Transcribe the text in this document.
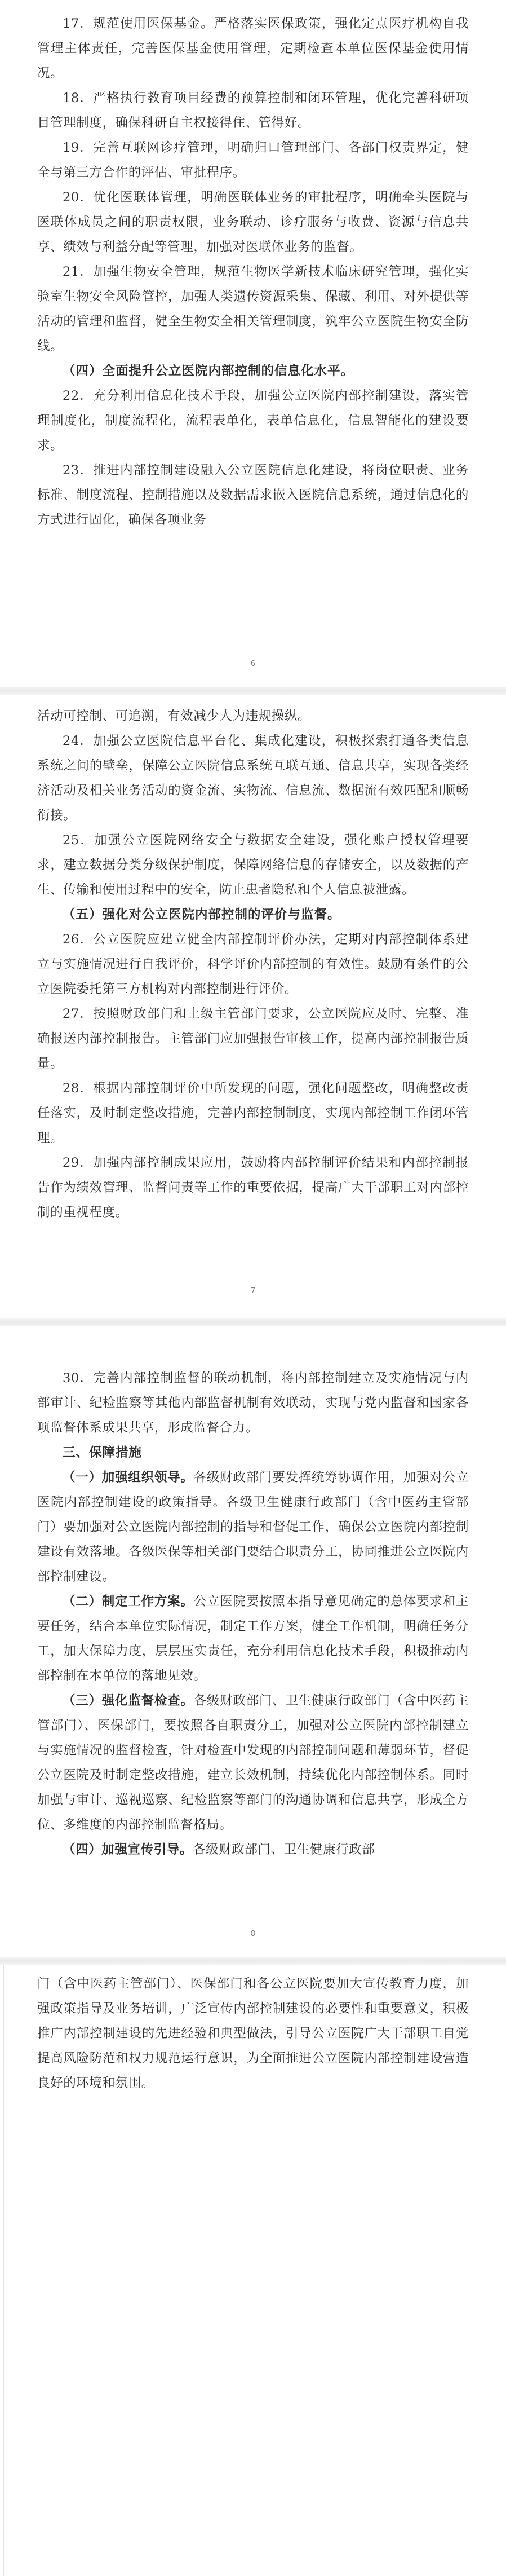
17．规范使用医保基金。严格落实医保政策，强化定点医疗机构自我管理主体责任，完善医保基金使用管理，定期检查本单位医保基金使用情况。

18．严格执行教育项目经费的预算控制和闭环管理，优化完善科研项目管理制度，确保科研自主权接得住、管得好。

19．完善互联网诊疗管理，明确归口管理部门、各部门权责界定，健全与第三方合作的评估、审批程序。

20．优化医联体管理，明确医联体业务的审批程序，明确牵头医院与医联体成员之间的职责权限，业务联动、诊疗服务与收费、资源与信息共享、绩效与利益分配等管理，加强对医联体业务的监督。

21．加强生物安全管理，规范生物医学新技术临床研究管理，强化实验室生物安全风险管控，加强人类遗传资源采集、保藏、利用、对外提供等活动的管理和监督，健全生物安全相关管理制度，筑牢公立医院生物安全防线。

（四）全面提升公立医院内部控制的信息化水平。

22．充分利用信息化技术手段，加强公立医院内部控制建设，落实管理制度化，制度流程化，流程表单化，表单信息化，信息智能化的建设要求。

23．推进内部控制建设融入公立医院信息化建设，将岗位职责、业务标准、制度流程、控制措施以及数据需求嵌入医院信息系统，通过信息化的方式进行固化，确保各项业务

6

活动可控制、可追溯，有效减少人为违规操纵。

24．加强公立医院信息平台化、集成化建设，积极探索打通各类信息系统之间的壁垒，保障公立医院信息系统互联互通、信息共享，实现各类经济活动及相关业务活动的资金流、实物流、信息流、数据流有效匹配和顺畅衔接。

25．加强公立医院网络安全与数据安全建设，强化账户授权管理要求，建立数据分类分级保护制度，保障网络信息的存储安全，以及数据的产生、传输和使用过程中的安全，防止患者隐私和个人信息被泄露。

（五）强化对公立医院内部控制的评价与监督。

26．公立医院应建立健全内部控制评价办法，定期对内部控制体系建立与实施情况进行自我评价，科学评价内部控制的有效性。鼓励有条件的公立医院委托第三方机构对内部控制进行评价。

27．按照财政部门和上级主管部门要求，公立医院应及时、完整、准确报送内部控制报告。主管部门应加强报告审核工作，提高内部控制报告质量。

28．根据内部控制评价中所发现的问题，强化问题整改，明确整改责任落实，及时制定整改措施，完善内部控制制度，实现内部控制工作闭环管理。

29．加强内部控制成果应用，鼓励将内部控制评价结果和内部控制报告作为绩效管理、监督问责等工作的重要依据，提高广大干部职工对内部控制的重视程度。

7

30．完善内部控制监督的联动机制，将内部控制建立及实施情况与内部审计、纪检监察等其他内部监督机制有效联动，实现与党内监督和国家各项监督体系成果共享，形成监督合力。

三、保障措施

（一）加强组织领导。各级财政部门要发挥统筹协调作用，加强对公立医院内部控制建设的政策指导。各级卫生健康行政部门（含中医药主管部门）要加强对公立医院内部控制的指导和督促工作，确保公立医院内部控制建设有效落地。各级医保等相关部门要结合职责分工，协同推进公立医院内部控制建设。

（二）制定工作方案。公立医院要按照本指导意见确定的总体要求和主要任务，结合本单位实际情况，制定工作方案，健全工作机制，明确任务分工，加大保障力度，层层压实责任，充分利用信息化技术手段，积极推动内部控制在本单位的落地见效。

（三）强化监督检查。各级财政部门、卫生健康行政部门（含中医药主管部门）、医保部门，要按照各自职责分工，加强对公立医院内部控制建立与实施情况的监督检查，针对检查中发现的内部控制问题和薄弱环节，督促公立医院及时制定整改措施，建立长效机制，持续优化内部控制体系。同时加强与审计、巡视巡察、纪检监察等部门的沟通协调和信息共享，形成全方位、多维度的内部控制监督格局。

（四）加强宣传引导。各级财政部门、卫生健康行政部

8

门（含中医药主管部门）、医保部门和各公立医院要加大宣传教育力度，加强政策指导及业务培训，广泛宣传内部控制建设的必要性和重要意义，积极推广内部控制建设的先进经验和典型做法，引导公立医院广大干部职工自觉提高风险防范和权力规范运行意识，为全面推进公立医院内部控制建设营造良好的环境和氛围。
